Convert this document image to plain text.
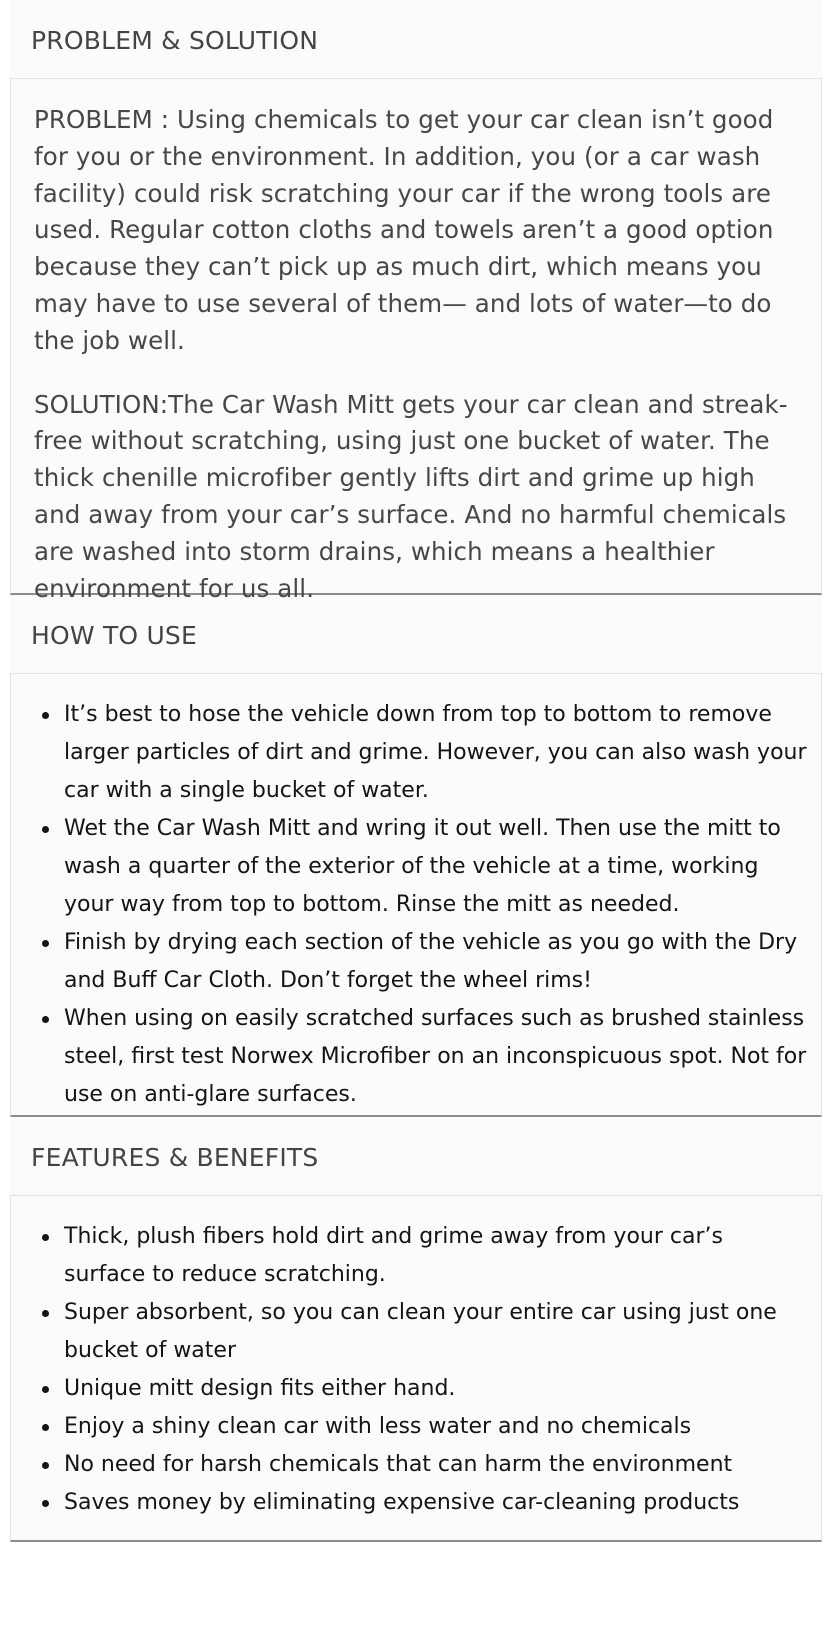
PROBLEM & SOLUTION

PROBLEM : Using chemicals to get your car clean isn’t good for you or the environment. In addition, you (or a car wash facility) could risk scratching your car if the wrong tools are used. Regular cotton cloths and towels aren’t a good option because they can’t pick up as much dirt, which means you may have to use several of them— and lots of water—to do the job well.

SOLUTION:The Car Wash Mitt gets your car clean and streak-free without scratching, using just one bucket of water. The thick chenille microfiber gently lifts dirt and grime up high and away from your car’s surface. And no harmful chemicals are washed into storm drains, which means a healthier environment for us all.

HOW TO USE
It’s best to hose the vehicle down from top to bottom to remove larger particles of dirt and grime. However, you can also wash your car with a single bucket of water.
Wet the Car Wash Mitt and wring it out well. Then use the mitt to wash a quarter of the exterior of the vehicle at a time, working your way from top to bottom. Rinse the mitt as needed.
Finish by drying each section of the vehicle as you go with the Dry and Buff Car Cloth. Don’t forget the wheel rims!
When using on easily scratched surfaces such as brushed stainless steel, first test Norwex Microfiber on an inconspicuous spot. Not for use on anti-glare surfaces.
FEATURES & BENEFITS
Thick, plush fibers hold dirt and grime away from your car’s surface to reduce scratching.
Super absorbent, so you can clean your entire car using just one bucket of water
Unique mitt design fits either hand.
Enjoy a shiny clean car with less water and no chemicals
No need for harsh chemicals that can harm the environment
Saves money by eliminating expensive car-cleaning products
